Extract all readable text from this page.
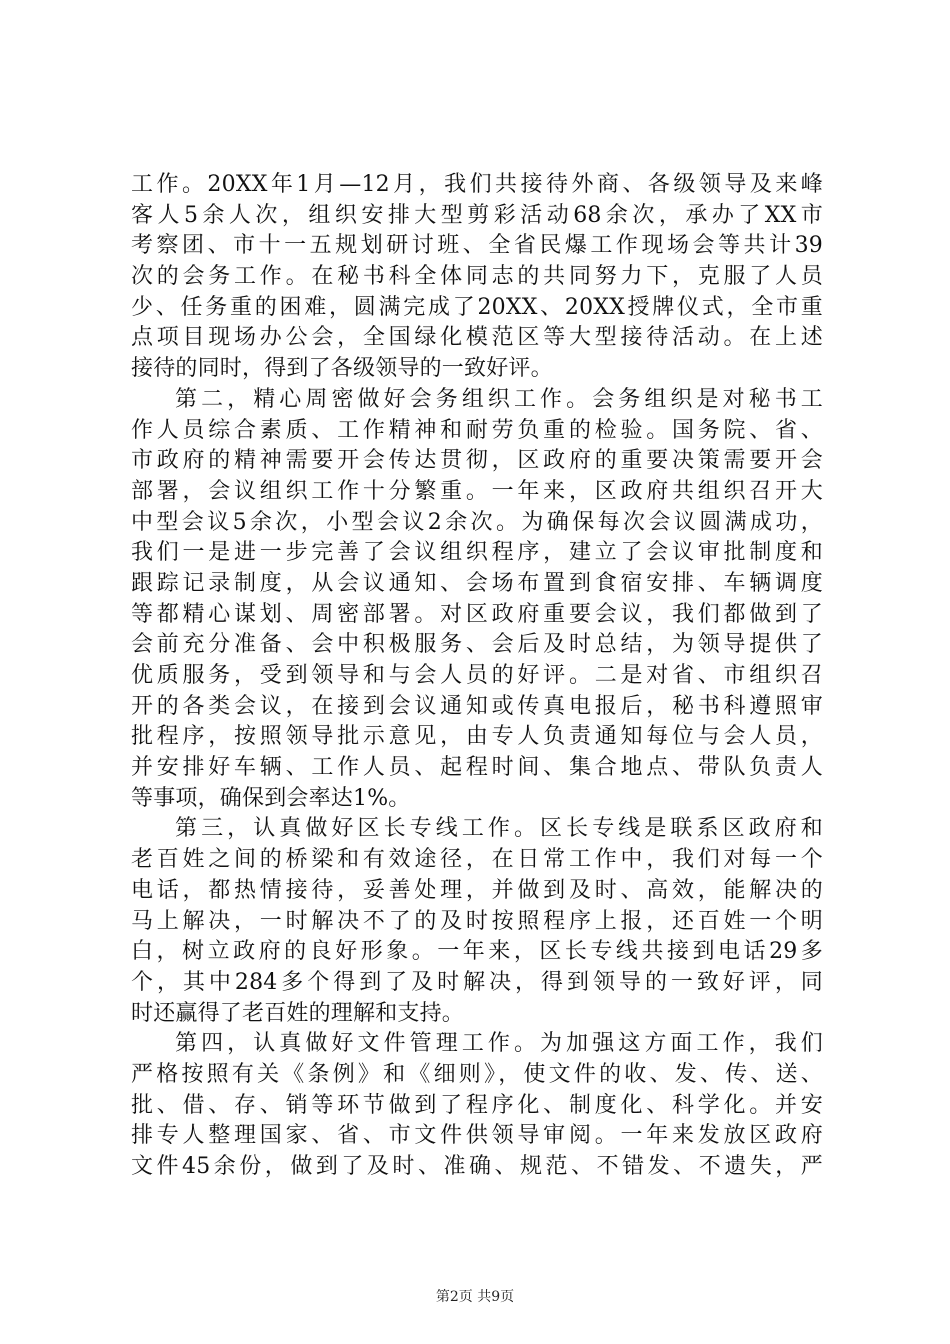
工作。20XX年1月—12月，我们共接待外商、各级领导及来峰
客人5余人次，组织安排大型剪彩活动68余次，承办了XX市
考察团、市十一五规划研讨班、全省民爆工作现场会等共计39
次的会务工作。在秘书科全体同志的共同努力下，克服了人员
少、任务重的困难，圆满完成了20XX、20XX授牌仪式，全市重
点项目现场办公会，全国绿化模范区等大型接待活动。在上述
接待的同时，得到了各级领导的一致好评。
第二，精心周密做好会务组织工作。会务组织是对秘书工
作人员综合素质、工作精神和耐劳负重的检验。国务院、省、
市政府的精神需要开会传达贯彻，区政府的重要决策需要开会
部署，会议组织工作十分繁重。一年来，区政府共组织召开大
中型会议5余次，小型会议2余次。为确保每次会议圆满成功，
我们一是进一步完善了会议组织程序，建立了会议审批制度和
跟踪记录制度，从会议通知、会场布置到食宿安排、车辆调度
等都精心谋划、周密部署。对区政府重要会议，我们都做到了
会前充分准备、会中积极服务、会后及时总结，为领导提供了
优质服务，受到领导和与会人员的好评。二是对省、市组织召
开的各类会议，在接到会议通知或传真电报后，秘书科遵照审
批程序，按照领导批示意见，由专人负责通知每位与会人员，
并安排好车辆、工作人员、起程时间、集合地点、带队负责人
等事项，确保到会率达1%。
第三，认真做好区长专线工作。区长专线是联系区政府和
老百姓之间的桥梁和有效途径，在日常工作中，我们对每一个
电话，都热情接待，妥善处理，并做到及时、高效，能解决的
马上解决，一时解决不了的及时按照程序上报，还百姓一个明
白，树立政府的良好形象。一年来，区长专线共接到电话29多
个，其中284多个得到了及时解决，得到领导的一致好评，同
时还赢得了老百姓的理解和支持。
第四，认真做好文件管理工作。为加强这方面工作，我们
严格按照有关《条例》和《细则》，使文件的收、发、传、送、
批、借、存、销等环节做到了程序化、制度化、科学化。并安
排专人整理国家、省、市文件供领导审阅。一年来发放区政府
文件45余份，做到了及时、准确、规范、不错发、不遗失，严
第2页 共9页
